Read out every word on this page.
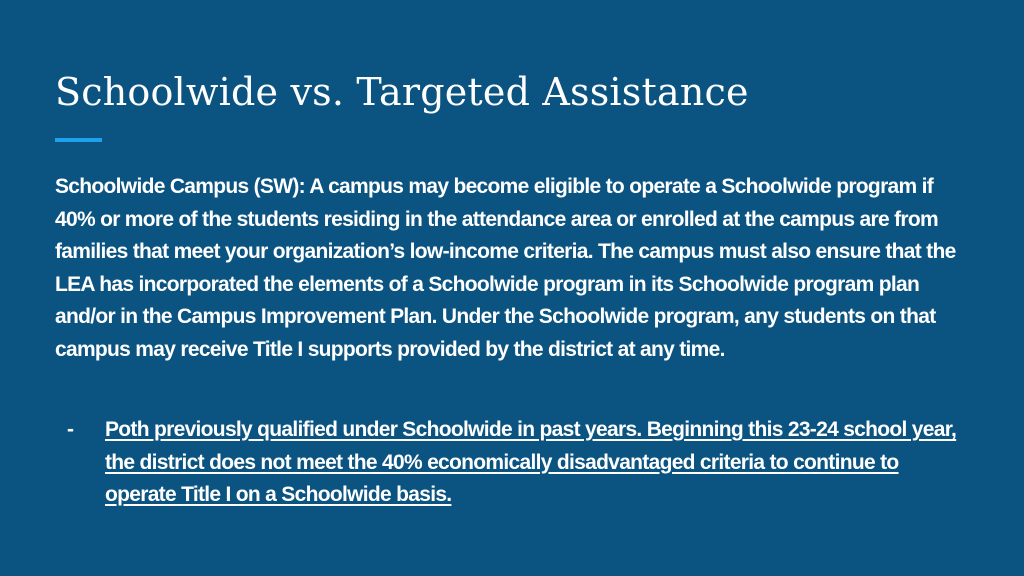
Schoolwide vs. Targeted Assistance

Schoolwide Campus (SW): A campus may become eligible to operate a Schoolwide program if 40% or more of the students residing in the attendance area or enrolled at the campus are from families that meet your organization’s low-income criteria. The campus must also ensure that the LEA has incorporated the elements of a Schoolwide program in its Schoolwide program plan and/or in the Campus Improvement Plan. Under the Schoolwide program, any students on that campus may receive Title I supports provided by the district at any time.

- Poth previously qualified under Schoolwide in past years. Beginning this 23-24 school year, the district does not meet the 40% economically disadvantaged criteria to continue to operate Title I on a Schoolwide basis.
